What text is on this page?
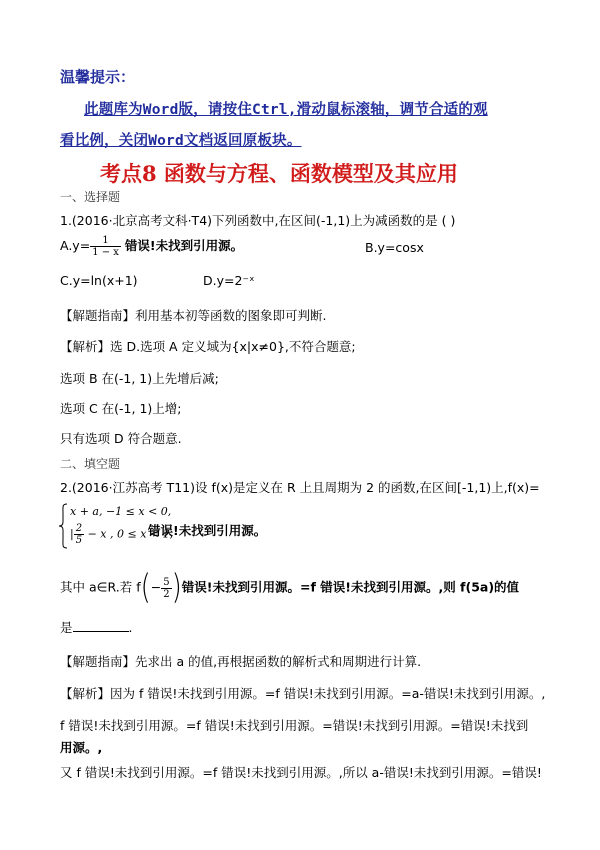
温馨提示：
此题库为Word版，请按住Ctrl,滑动鼠标滚轴，调节合适的观
看比例，关闭Word文档返回原板块。
考点8 函数与方程、函数模型及其应用
一、选择题
1.(2016·北京高考文科·T4)下列函数中,在区间(-1,1)上为减函数的是 ( )
$A.y= \frac{1}{1 - x}$ 错误!未找到引用源。	B.y=cosx
C.y=ln(x+1)	D.y=2⁻ˣ
【解题指南】利用基本初等函数的图象即可判断.
【解析】选 D.选项 A 定义域为{x|x≠0},不符合题意;
选项 B 在(-1, 1)上先增后减;
选项 C 在(-1, 1)上增;
只有选项 D 符合题意.
二、填空题
2.(2016·江苏高考 T11)设 f(x)是定义在 R 上且周期为 2 的函数,在区间[-1,1)上,f(x)=
x + a, −1 ≤ x < 0,
| $\frac{2}{5} - x$ , 0 ≤ x < 1,
错误!未找到引用源。
其中 a∈R.若 $f(- \frac{5}{2}$ )错误!未找到引用源。=f 错误!未找到引用源。,则 f(5a)的值
是	.
【解题指南】先求出 a 的值,再根据函数的解析式和周期进行计算.
【解析】因为 f 错误!未找到引用源。=f 错误!未找到引用源。=a-错误!未找到引用源。,
f 错误!未找到引用源。=f 错误!未找到引用源。=错误!未找到引用源。=错误!未找到
用源。,
又 f 错误!未找到引用源。=f 错误!未找到引用源。,所以 a-错误!未找到引用源。=错误!
